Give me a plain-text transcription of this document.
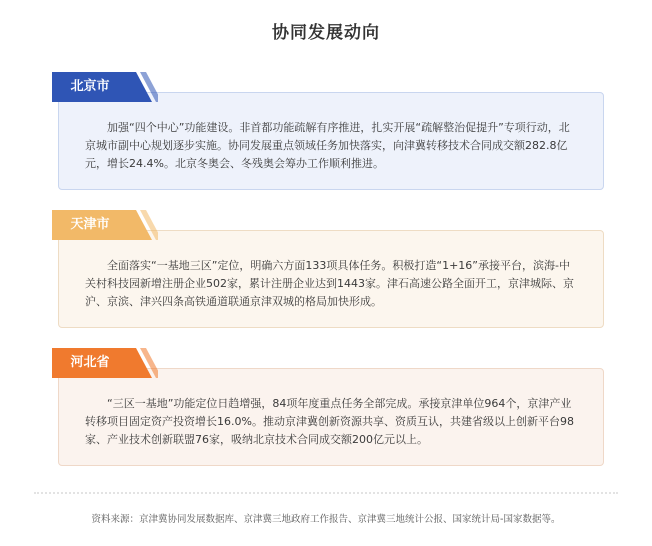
协同发展动向

加强“四个中心”功能建设。非首都功能疏解有序推进，扎实开展“疏解整治促提升”专项行动，北京城市副中心规划逐步实施。协同发展重点领域任务加快落实，向津冀转移技术合同成交额282.8亿元，增长24.4%。北京冬奥会、冬残奥会筹办工作顺利推进。

北京市

全面落实“一基地三区”定位，明确六方面133项具体任务。积极打造“1+16”承接平台，滨海-中关村科技园新增注册企业502家，累计注册企业达到1443家。津石高速公路全面开工，京津城际、京沪、京滨、津兴四条高铁通道联通京津双城的格局加快形成。

天津市

“三区一基地”功能定位日趋增强，84项年度重点任务全部完成。承接京津单位964个，京津产业转移项目固定资产投资增长16.0%。推动京津冀创新资源共享、资质互认，共建省级以上创新平台98家、产业技术创新联盟76家，吸纳北京技术合同成交额200亿元以上。

河北省
资料来源：京津冀协同发展数据库、京津冀三地政府工作报告、京津冀三地统计公报、国家统计局-国家数据等。
